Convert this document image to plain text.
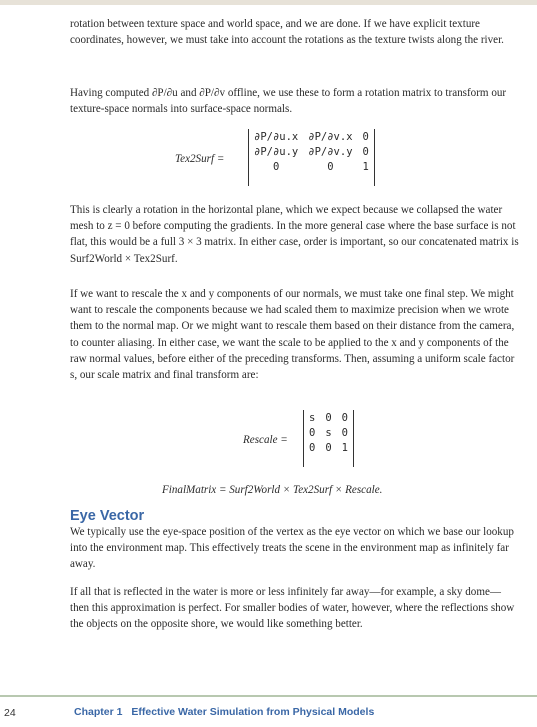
rotation between texture space and world space, and we are done. If we have explicit texture coordinates, however, we must take into account the rotations as the texture twists along the river.

Having computed ∂P/∂u and ∂P/∂v offline, we use these to form a rotation matrix to transform our texture-space normals into surface-space normals.

Tex2Surf =
∂P/∂u.x	∂P/∂v.x	0
∂P/∂u.y	∂P/∂v.y	0
0	0	1

This is clearly a rotation in the horizontal plane, which we expect because we collapsed the water mesh to z = 0 before computing the gradients. In the more general case where the base surface is not flat, this would be a full 3 × 3 matrix. In either case, order is important, so our concatenated matrix is Surf2World × Tex2Surf.

If we want to rescale the x and y components of our normals, we must take one final step. We might want to rescale the components because we had scaled them to maximize precision when we wrote them to the normal map. Or we might want to rescale them based on their distance from the camera, to counter aliasing. In either case, we want the scale to be applied to the x and y components of the raw normal values, before either of the preceding transforms. Then, assuming a uniform scale factor s, our scale matrix and final transform are:

Rescale =
s	0	0
0	s	0
0	0	1
FinalMatrix = Surf2World × Tex2Surf × Rescale.
Eye Vector

We typically use the eye-space position of the vertex as the eye vector on which we base our lookup into the environment map. This effectively treats the scene in the environment map as infinitely far away.

If all that is reflected in the water is more or less infinitely far away—for example, a sky dome—then this approximation is perfect. For smaller bodies of water, however, where the reflections show the objects on the opposite shore, we would like something better.

24	Chapter 1 Effective Water Simulation from Physical Models
